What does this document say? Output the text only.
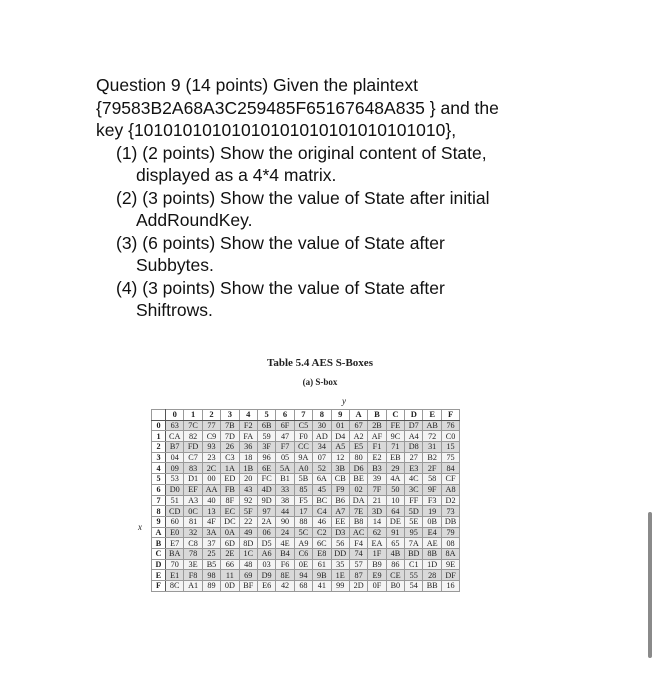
Question 9 (14 points) Given the plaintext
{79583B2A68A3C259485F65167648A835 } and the
key {10101010101010101010101010101010},
(1) (2 points) Show the original content of State,
displayed as a 4*4 matrix.
(2) (3 points) Show the value of State after initial
AddRoundKey.
(3) (6 points) Show the value of State after
Subbytes.
(4) (3 points) Show the value of State after
Shiftrows.
Table 5.4 AES S-Boxes
(a) S-box
y
x
	0	1	2	3	4	5	6	7	8	9	A	B	C	D	E	F
0	63	7C	77	7B	F2	6B	6F	C5	30	01	67	2B	FE	D7	AB	76
1	CA	82	C9	7D	FA	59	47	F0	AD	D4	A2	AF	9C	A4	72	C0
2	B7	FD	93	26	36	3F	F7	CC	34	A5	E5	F1	71	D8	31	15
3	04	C7	23	C3	18	96	05	9A	07	12	80	E2	EB	27	B2	75
4	09	83	2C	1A	1B	6E	5A	A0	52	3B	D6	B3	29	E3	2F	84
5	53	D1	00	ED	20	FC	B1	5B	6A	CB	BE	39	4A	4C	58	CF
6	D0	EF	AA	FB	43	4D	33	85	45	F9	02	7F	50	3C	9F	A8
7	51	A3	40	8F	92	9D	38	F5	BC	B6	DA	21	10	FF	F3	D2
8	CD	0C	13	EC	5F	97	44	17	C4	A7	7E	3D	64	5D	19	73
9	60	81	4F	DC	22	2A	90	88	46	EE	B8	14	DE	5E	0B	DB
A	E0	32	3A	0A	49	06	24	5C	C2	D3	AC	62	91	95	E4	79
B	E7	C8	37	6D	8D	D5	4E	A9	6C	56	F4	EA	65	7A	AE	08
C	BA	78	25	2E	1C	A6	B4	C6	E8	DD	74	1F	4B	BD	8B	8A
D	70	3E	B5	66	48	03	F6	0E	61	35	57	B9	86	C1	1D	9E
E	E1	F8	98	11	69	D9	8E	94	9B	1E	87	E9	CE	55	28	DF
F	8C	A1	89	0D	BF	E6	42	68	41	99	2D	0F	B0	54	BB	16
